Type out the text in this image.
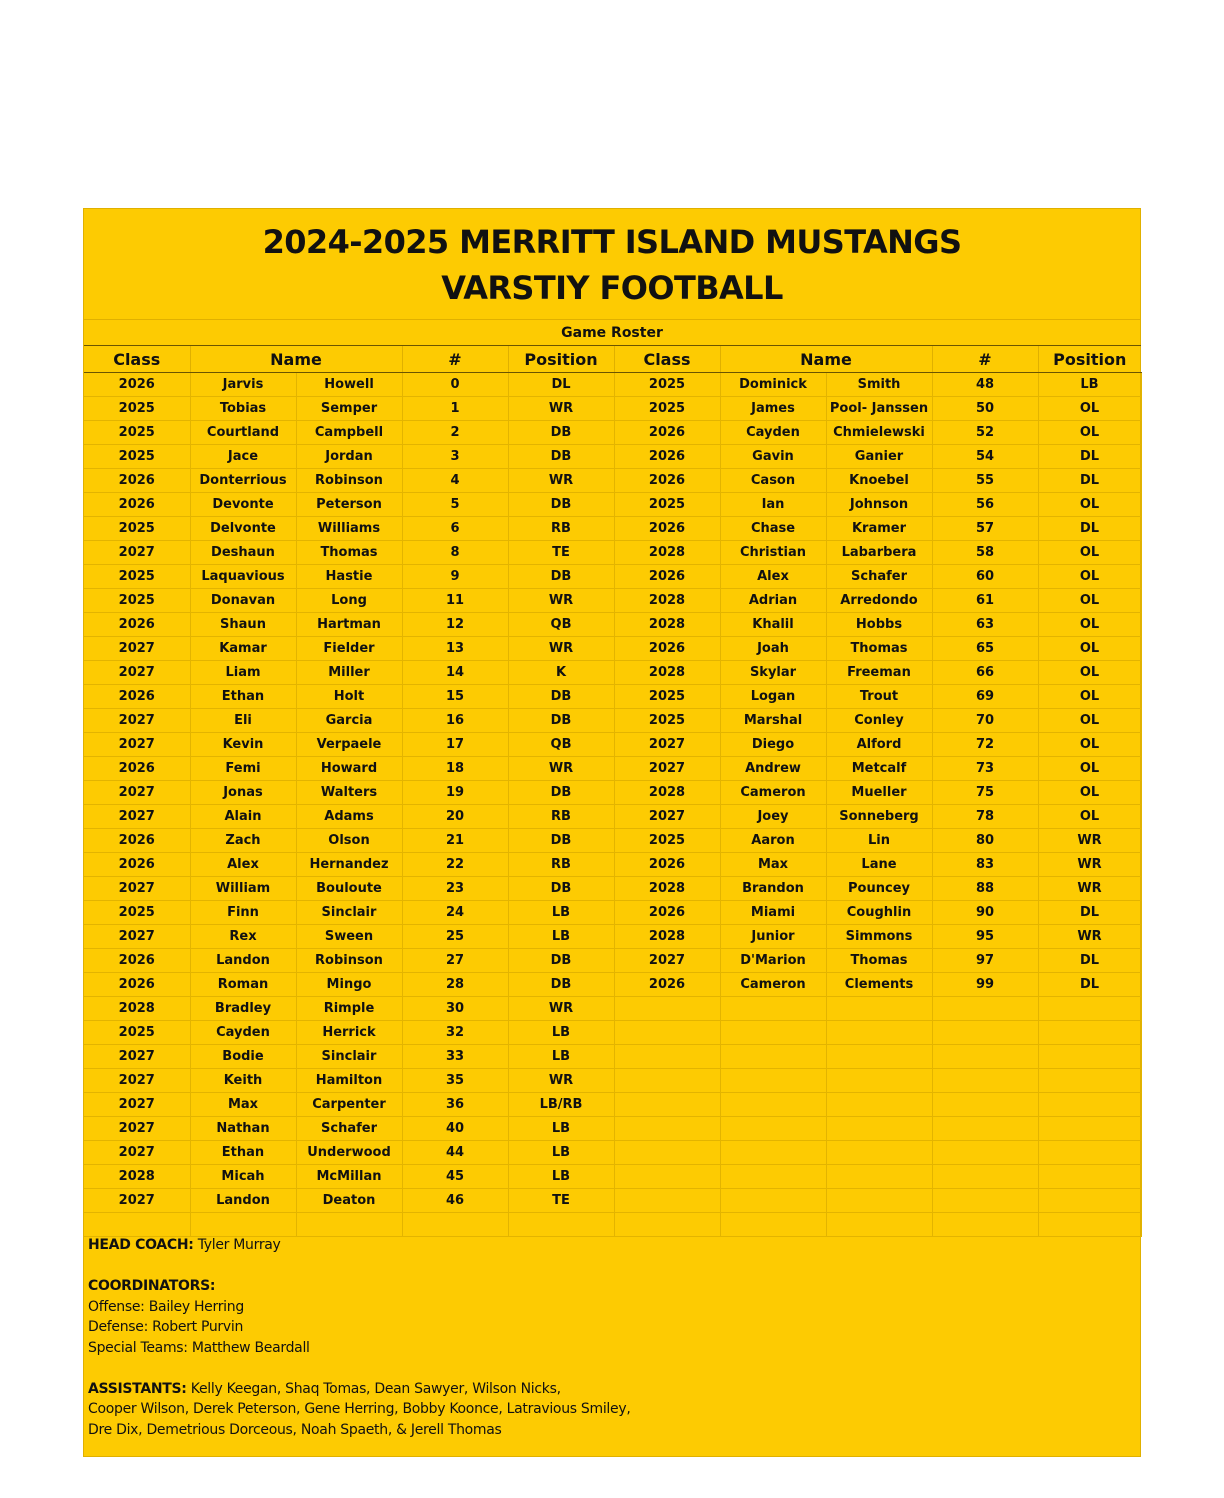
2024-2025 MERRITT ISLAND MUSTANGS
VARSTIY FOOTBALL
Game Roster
Class	Name		#	Position	Class	Name		#	Position
2026	Jarvis	Howell	0	DL	2025	Dominick	Smith	48	LB
2025	Tobias	Semper	1	WR	2025	James	Pool- Janssen	50	OL
2025	Courtland	Campbell	2	DB	2026	Cayden	Chmielewski	52	OL
2025	Jace	Jordan	3	DB	2026	Gavin	Ganier	54	DL
2026	Donterrious	Robinson	4	WR	2026	Cason	Knoebel	55	DL
2026	Devonte	Peterson	5	DB	2025	Ian	Johnson	56	OL
2025	Delvonte	Williams	6	RB	2026	Chase	Kramer	57	DL
2027	Deshaun	Thomas	8	TE	2028	Christian	Labarbera	58	OL
2025	Laquavious	Hastie	9	DB	2026	Alex	Schafer	60	OL
2025	Donavan	Long	11	WR	2028	Adrian	Arredondo	61	OL
2026	Shaun	Hartman	12	QB	2028	Khalil	Hobbs	63	OL
2027	Kamar	Fielder	13	WR	2026	Joah	Thomas	65	OL
2027	Liam	Miller	14	K	2028	Skylar	Freeman	66	OL
2026	Ethan	Holt	15	DB	2025	Logan	Trout	69	OL
2027	Eli	Garcia	16	DB	2025	Marshal	Conley	70	OL
2027	Kevin	Verpaele	17	QB	2027	Diego	Alford	72	OL
2026	Femi	Howard	18	WR	2027	Andrew	Metcalf	73	OL
2027	Jonas	Walters	19	DB	2028	Cameron	Mueller	75	OL
2027	Alain	Adams	20	RB	2027	Joey	Sonneberg	78	OL
2026	Zach	Olson	21	DB	2025	Aaron	Lin	80	WR
2026	Alex	Hernandez	22	RB	2026	Max	Lane	83	WR
2027	William	Bouloute	23	DB	2028	Brandon	Pouncey	88	WR
2025	Finn	Sinclair	24	LB	2026	Miami	Coughlin	90	DL
2027	Rex	Sween	25	LB	2028	Junior	Simmons	95	WR
2026	Landon	Robinson	27	DB	2027	D'Marion	Thomas	97	DL
2026	Roman	Mingo	28	DB	2026	Cameron	Clements	99	DL
2028	Bradley	Rimple	30	WR					
2025	Cayden	Herrick	32	LB					
2027	Bodie	Sinclair	33	LB					
2027	Keith	Hamilton	35	WR					
2027	Max	Carpenter	36	LB/RB					
2027	Nathan	Schafer	40	LB					
2027	Ethan	Underwood	44	LB					
2028	Micah	McMillan	45	LB					
2027	Landon	Deaton	46	TE					

HEAD COACH: Tyler Murray
COORDINATORS:
Offense: Bailey Herring
Defense: Robert Purvin
Special Teams: Matthew Beardall
ASSISTANTS: Kelly Keegan, Shaq Tomas, Dean Sawyer, Wilson Nicks,
Cooper Wilson, Derek Peterson, Gene Herring, Bobby Koonce, Latravious Smiley,
Dre Dix, Demetrious Dorceous, Noah Spaeth, & Jerell Thomas
